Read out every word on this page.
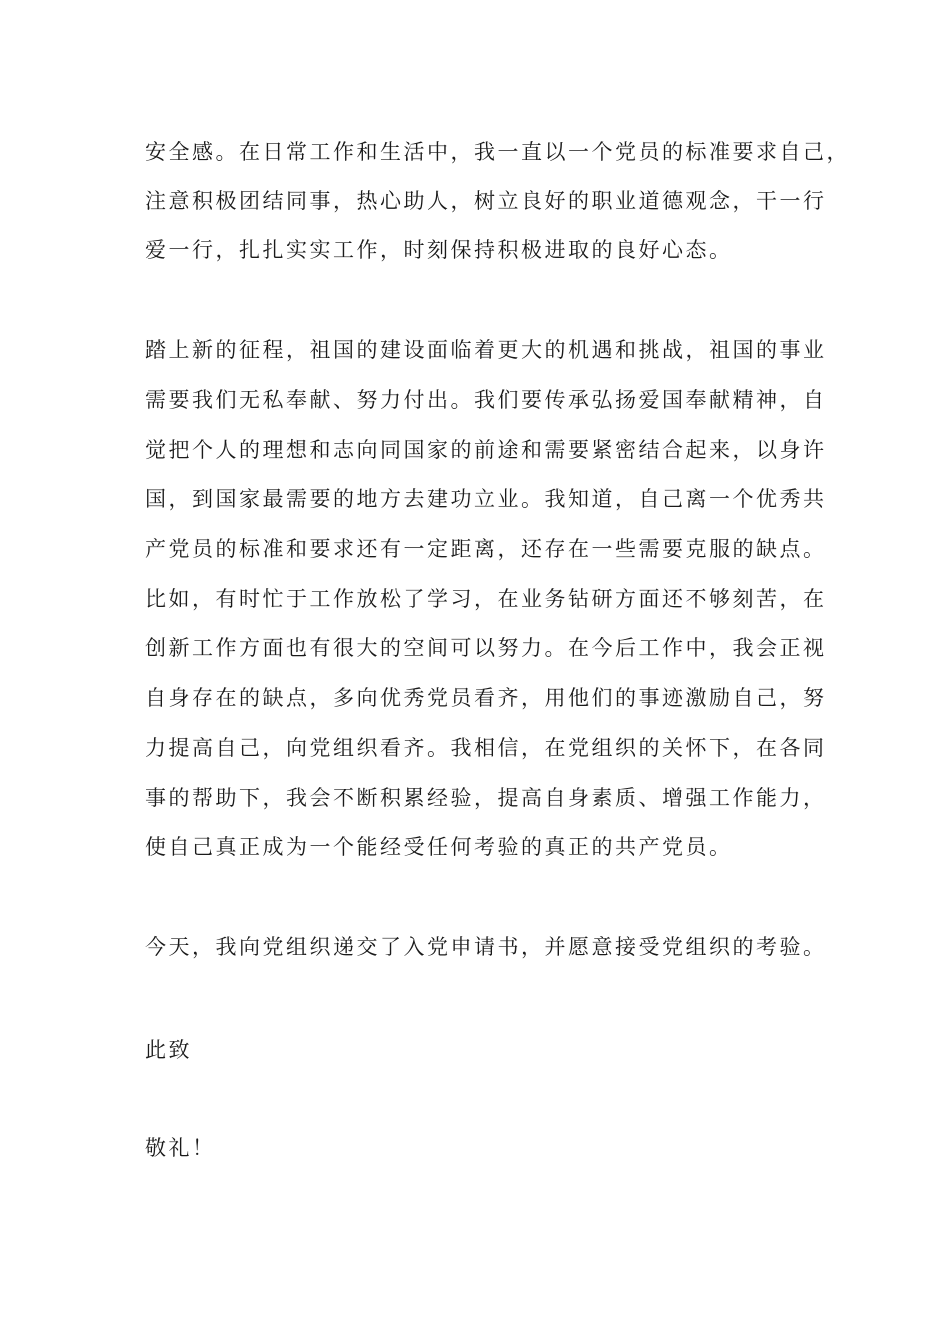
安全感。在日常工作和生活中，我一直以一个党员的标准要求自己，
注意积极团结同事，热心助人，树立良好的职业道德观念，干一行
爱一行，扎扎实实工作，时刻保持积极进取的良好心态。
踏上新的征程，祖国的建设面临着更大的机遇和挑战，祖国的事业
需要我们无私奉献、努力付出。我们要传承弘扬爱国奉献精神，自
觉把个人的理想和志向同国家的前途和需要紧密结合起来，以身许
国，到国家最需要的地方去建功立业。我知道，自己离一个优秀共
产党员的标准和要求还有一定距离，还存在一些需要克服的缺点。
比如，有时忙于工作放松了学习，在业务钻研方面还不够刻苦，在
创新工作方面也有很大的空间可以努力。在今后工作中，我会正视
自身存在的缺点，多向优秀党员看齐，用他们的事迹激励自己，努
力提高自己，向党组织看齐。我相信，在党组织的关怀下，在各同
事的帮助下，我会不断积累经验，提高自身素质、增强工作能力，
使自己真正成为一个能经受任何考验的真正的共产党员。
今天，我向党组织递交了入党申请书，并愿意接受党组织的考验。
此致
敬礼！
